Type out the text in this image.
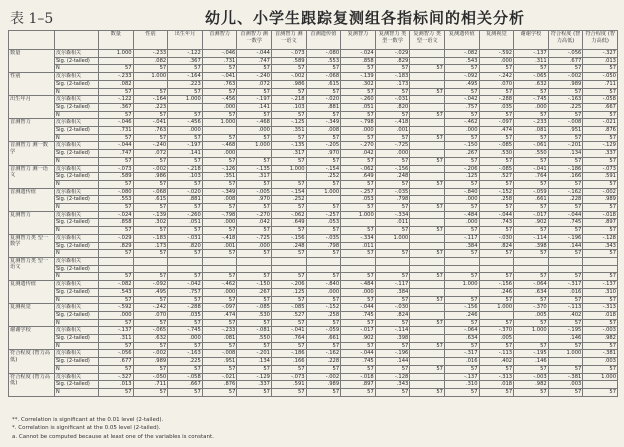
表 1–5	幼儿、小学生跟踪复测组各指标间的相关分析
		数量	性别	出生年月	首测智力	首测智力 测一数学	首测智力 测一语文	首测遗传值	复测智力	复测智力 类型一数学	复测智力 类型一语文	复测遗传值	复测视觉	谢谢学校	符合程度 (智力高低)	符合程度 (智力高低)
数量	皮尔森相关	1.000	-.233	-.122	-.046	-.044	-.073	-.080	-.024	-.029		-.082	-.592	-.137	-.056	-.327
	Sig. (2-tailed)		.082	.367	.731	.747	.589	.553	.858	.829		.543	.000	.311	.677	.013
	N	57	57	57	57	57	57	57	57	57	57	57	57	57	57	57
性别	皮尔森相关	-.233	1.000	-.164	-.041	-.240	-.002	-.068	-.139	-.183		-.092	-.242	-.065	-.002	-.050
	Sig. (2-tailed)	.082		.223	.763	.072	.986	.615	.302	.173		.495	.070	.632	.989	.711
	N	57	57	57	57	57	57	57	57	57	57	57	57	57	57	57
出生年月	皮尔森相关	-.122	-.164	1.000	-.456	-.197	-.218	-.020	-.260	-.031		-.042	-.288	-.745	-.163	-.058
	Sig. (2-tailed)	.367	.223		.000	.141	.103	.881	.051	.820		.757	.035	.000	.225	.667
	N	57	57	57	57	57	57	57	57	57	57	57	57	57	57	57
首测智力	皮尔森相关	-.046	-.041	-.456	1.000	-.468	-.125	-.349	-.798	-.418		-.462	-.097	-.233	-.008	-.021
	Sig. (2-tailed)	.731	.763	.000		.000	.351	.008	.000	.001		.000	.474	.081	.951	.876
	N	57	57	57	57	57	57	57	57	57	57	57	57	57	57	57
首测智力 测一数学	皮尔森相关	-.044	-.240	-.197	-.468	1.000	-.135	-.205	-.270	-.725		-.150	-.085	-.061	-.201	-.129
	Sig. (2-tailed)	.747	.072	.141	.000		.317	.970	.042	.000		.267	.530	.550	.134	.337
	N	57	57	57	57	57	57	57	57	57	57	57	57	57	57	57
首测智力 测一语文	皮尔森相关	-.073	-.002	-.218	-.126	-.135	1.000	-.154	-.062	-.156		-.206	-.085	-.041	-.186	-.073
	Sig. (2-tailed)	.589	.986	.103	.351	.317		.252	.649	.248		.125	.527	.764	.166	.591
	N	57	57	57	57	57	57	57	57	57	57	57	57	57	57	57
首测遗传值	皮尔森相关	-.080	-.068	-.020	-.349	-.005	-.154	1.000	-.257	-.035		-.840	-.152	-.059	-.162	-.002
	Sig. (2-tailed)	.553	.615	.881	.008	.970	.252		.053	.798		.000	.258	.661	.228	.989
	N	57	57	57	57	57	57	57	57	57	57	57	57	57	57	57
复测智力	皮尔森相关	-.024	-.139	-.260	-.798	-.270	-.062	-.257	1.000	-.334		-.484	-.044	-.017	-.044	-.018
	Sig. (2-tailed)	.858	.302	.051	.000	.042	.649	.053		.011		.000	.743	.902	.745	.897
	N	57	57	57	57	57	57	57	57	57	57	57	57	57	57	57
复测智力类 型一数学	皮尔森相关	-.029	-.183	-.031	-.418	-.725	-.156	-.035	-.334	1.000		-.117	-.030	-.114	-.196	-.128
	Sig. (2-tailed)	.829	.173	.820	.001	.000	.248	.798	.011			.384	.824	.398	.144	.343
	N	57	57	57	57	57	57	57	57	57	57	57	57	57	57	57
复测智力类 型一语文	皮尔森相关															
	Sig. (2-tailed)															
	N	57	57	57	57	57	57	57	57	57	57	57	57	57	57	57
复测遗传值	皮尔森相关	-.082	-.092	-.042	-.462	-.150	-.206	-.840	-.484	-.117		1.000	-.156	-.064	-.317	-.137
	Sig. (2-tailed)	.543	.495	.757	.000	.267	.125	.000	.000	.384			.246	.634	.016	.310
	N	57	57	57	57	57	57	57	57	57	57	57	57	57	57	57
复测视觉	皮尔森相关	-.592	-.242	-.288	-.097	-.085	-.085	-.152	-.044	-.030		-.156	1.000	-.370	-.113	-.313
	Sig. (2-tailed)	.000	.070	.035	.474	.530	.527	.258	.745	.824		.246		.005	.402	.018
	N	57	57	57	57	57	57	57	57	57	57	57	57	57	57	57
谢谢学校	皮尔森相关	-.137	-.065	-.745	-.233	-.081	-.041	-.059	-.017	-.114		-.064	-.370	1.000	-.195	-.003
	Sig. (2-tailed)	.311	.632	.000	.081	.550	.764	.661	.902	.398		.634	.005		.146	.982
	N	57	57	57	57	57	57	57	57	57	57	57	57	57	57	57
符合程度 (智力高低)	皮尔森相关	-.056	-.002	-.163	-.008	-.201	-.186	-.162	-.044	-.196		-.317	-.113	-.195	1.000	-.381
	Sig. (2-tailed)	.677	.989	.225	.951	.134	.166	.228	.745	.144		.016	.402	.146		.003
	N	57	57	57	57	57	57	57	57	57	57	57	57	57	57	57
符合程度 (智力高低)	皮尔森相关	-.327	-.050	-.058	-.021	-.129	-.073	-.002	-.018	-.128		-.137	-.313	-.003	-.381	1.000
	Sig. (2-tailed)	.013	.711	.667	.876	.337	.591	.989	.897	.343		.310	.018	.982	.003	
	N	57	57	57	57	57	57	57	57	57	57	57	57	57	57	57
**. Correlation is significant at the 0.01 level (2-tailed).
*. Correlation is significant at the 0.05 level (2-tailed).
a. Cannot be computed because at least one of the variables is constant.
